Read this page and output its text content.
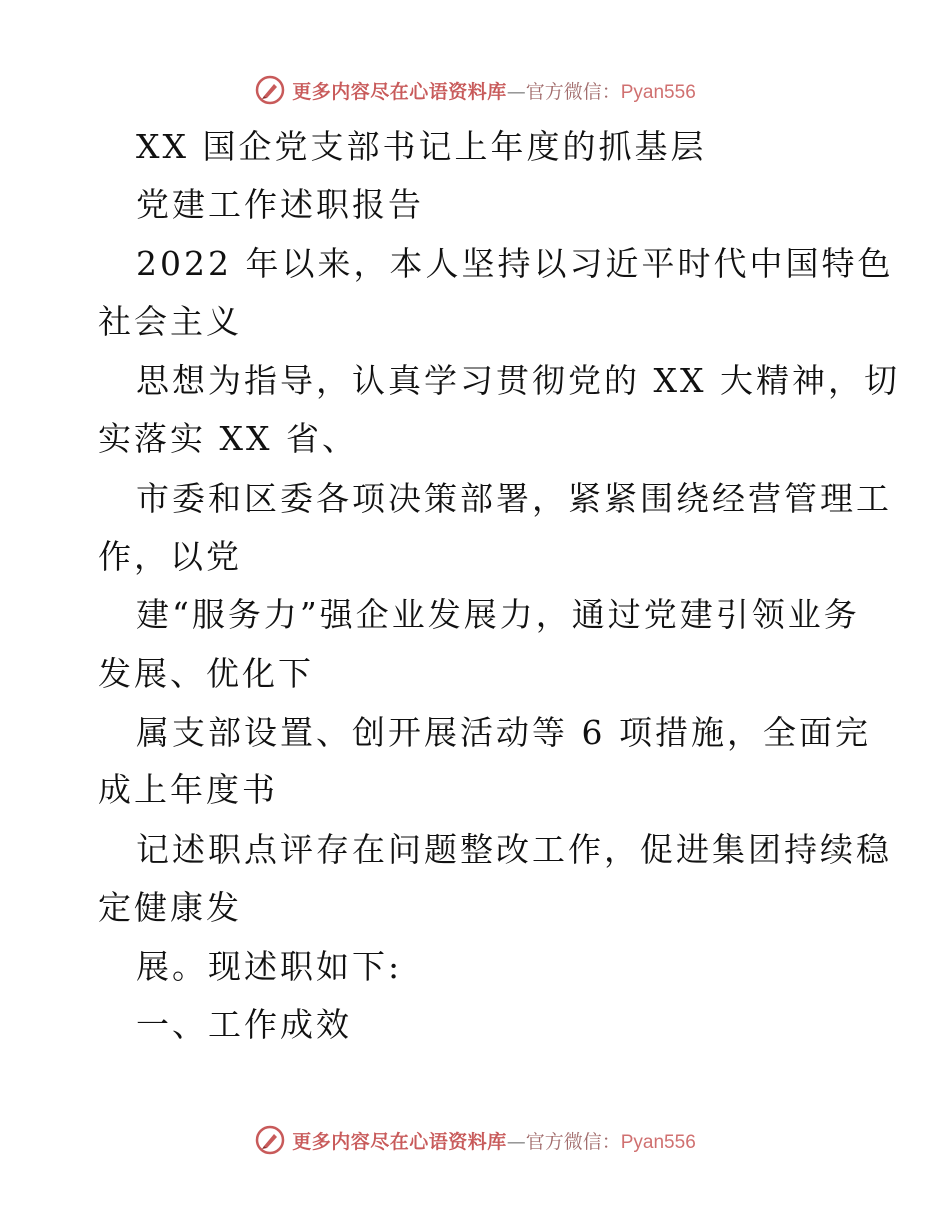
更多内容尽在心语资料库 — 官方微信： Pyan556
XX 国企党支部书记上年度的抓基层
党建工作述职报告
2022 年以来，本人坚持以习近平时代中国特色
社会主义
思想为指导，认真学习贯彻党的 XX 大精神，切
实落实 XX 省、
市委和区委各项决策部署，紧紧围绕经营管理工
作，以党
建“服务力”强企业发展力，通过党建引领业务
发展、优化下
属支部设置、创开展活动等 6 项措施，全面完
成上年度书
记述职点评存在问题整改工作，促进集团持续稳
定健康发
展。现述职如下:
一、工作成效
更多内容尽在心语资料库 — 官方微信： Pyan556
